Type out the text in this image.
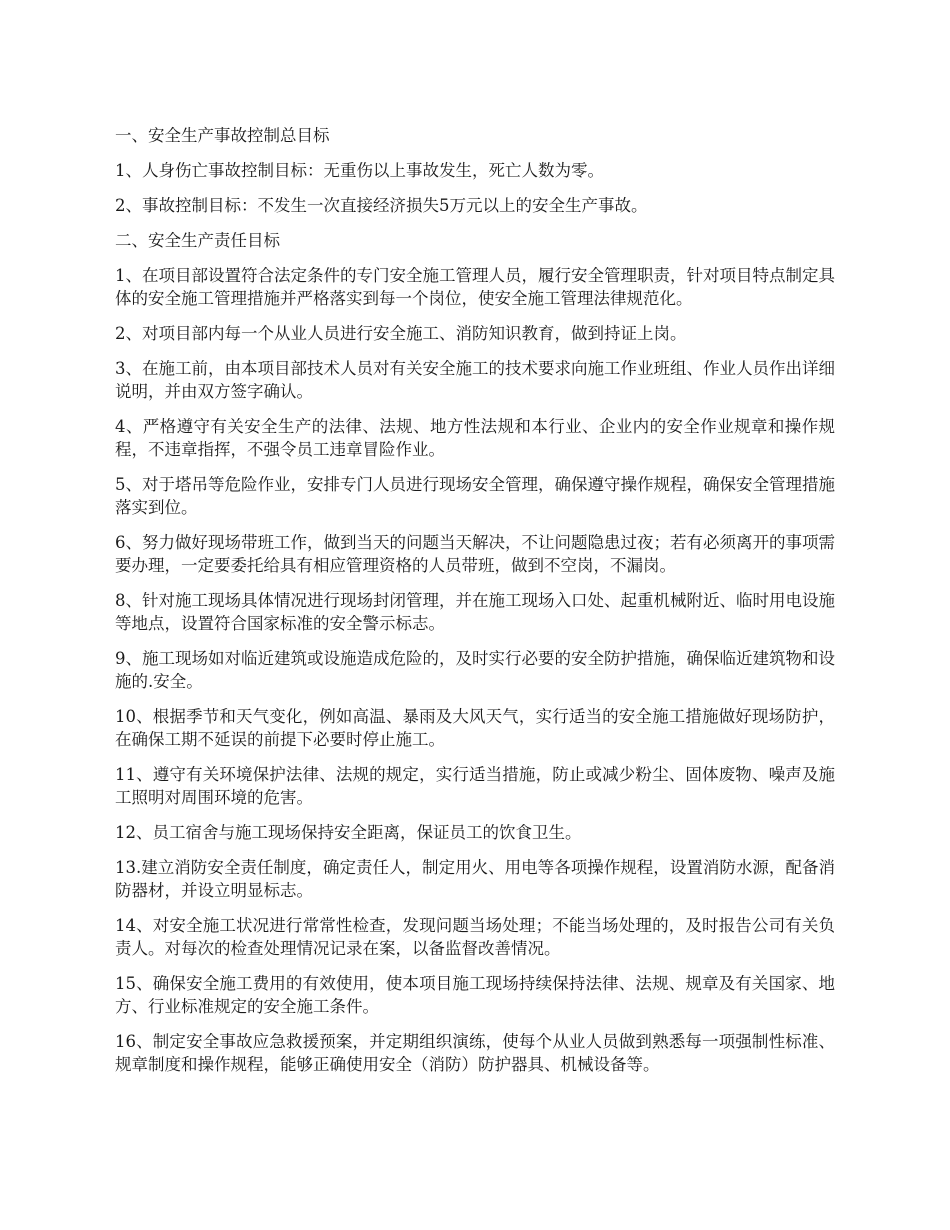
一、安全生产事故控制总目标

1、人身伤亡事故控制目标：无重伤以上事故发生，死亡人数为零。

2、事故控制目标：不发生一次直接经济损失5万元以上的安全生产事故。

二、安全生产责任目标

1、在项目部设置符合法定条件的专门安全施工管理人员，履行安全管理职责，针对项目特点制定具体的安全施工管理措施并严格落实到每一个岗位，使安全施工管理法律规范化。

2、对项目部内每一个从业人员进行安全施工、消防知识教育，做到持证上岗。

3、在施工前，由本项目部技术人员对有关安全施工的技术要求向施工作业班组、作业人员作出详细说明，并由双方签字确认。

4、严格遵守有关安全生产的法律、法规、地方性法规和本行业、企业内的安全作业规章和操作规程，不违章指挥，不强令员工违章冒险作业。

5、对于塔吊等危险作业，安排专门人员进行现场安全管理，确保遵守操作规程，确保安全管理措施落实到位。

6、努力做好现场带班工作，做到当天的问题当天解决，不让问题隐患过夜；若有必须离开的事项需要办理，一定要委托给具有相应管理资格的人员带班，做到不空岗，不漏岗。

8、针对施工现场具体情况进行现场封闭管理，并在施工现场入口处、起重机械附近、临时用电设施等地点，设置符合国家标准的安全警示标志。

9、施工现场如对临近建筑或设施造成危险的，及时实行必要的安全防护措施，确保临近建筑物和设施的.安全。

10、根据季节和天气变化，例如高温、暴雨及大风天气，实行适当的安全施工措施做好现场防护，在确保工期不延误的前提下必要时停止施工。

11、遵守有关环境保护法律、法规的规定，实行适当措施，防止或减少粉尘、固体废物、噪声及施工照明对周围环境的危害。

12、员工宿舍与施工现场保持安全距离，保证员工的饮食卫生。

13.建立消防安全责任制度，确定责任人，制定用火、用电等各项操作规程，设置消防水源，配备消防器材，并设立明显标志。

14、对安全施工状况进行常常性检查，发现问题当场处理；不能当场处理的，及时报告公司有关负责人。对每次的检查处理情况记录在案，以备监督改善情况。

15、确保安全施工费用的有效使用，使本项目施工现场持续保持法律、法规、规章及有关国家、地方、行业标准规定的安全施工条件。

16、制定安全事故应急救援预案，并定期组织演练，使每个从业人员做到熟悉每一项强制性标准、规章制度和操作规程，能够正确使用安全（消防）防护器具、机械设备等。
